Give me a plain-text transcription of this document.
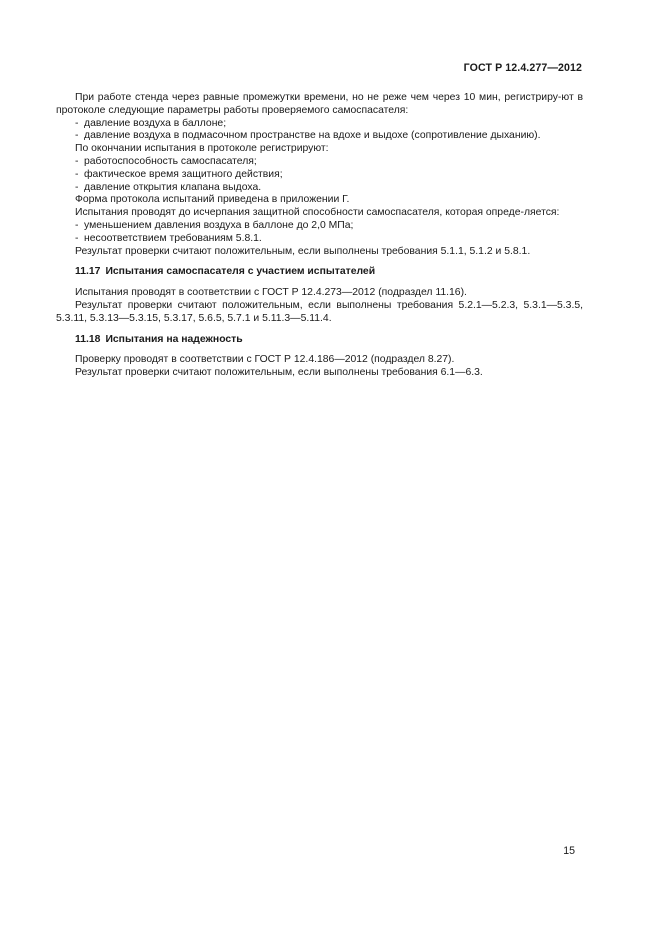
ГОСТ Р 12.4.277—2012

При работе стенда через равные промежутки времени, но не реже чем через 10 мин, регистриру-ют в протоколе следующие параметры работы проверяемого самоспасателя:

- давление воздуха в баллоне;

- давление воздуха в подмасочном пространстве на вдохе и выдохе (сопротивление дыханию).

По окончании испытания в протоколе регистрируют:

- работоспособность самоспасателя;

- фактическое время защитного действия;

- давление открытия клапана выдоха.

Форма протокола испытаний приведена в приложении Г.

Испытания проводят до исчерпания защитной способности самоспасателя, которая опреде-ляется:

- уменьшением давления воздуха в баллоне до 2,0 МПа;

- несоответствием требованиям 5.8.1.

Результат проверки считают положительным, если выполнены требования 5.1.1, 5.1.2 и 5.8.1.

11.17 Испытания самоспасателя с участием испытателей

Испытания проводят в соответствии с ГОСТ Р 12.4.273—2012 (подраздел 11.16).

Результат проверки считают положительным, если выполнены требования 5.2.1—5.2.3, 5.3.1—5.3.5, 5.3.11, 5.3.13—5.3.15, 5.3.17, 5.6.5, 5.7.1 и 5.11.3—5.11.4.

11.18 Испытания на надежность

Проверку проводят в соответствии с ГОСТ Р 12.4.186—2012 (подраздел 8.27).

Результат проверки считают положительным, если выполнены требования 6.1—6.3.

15
